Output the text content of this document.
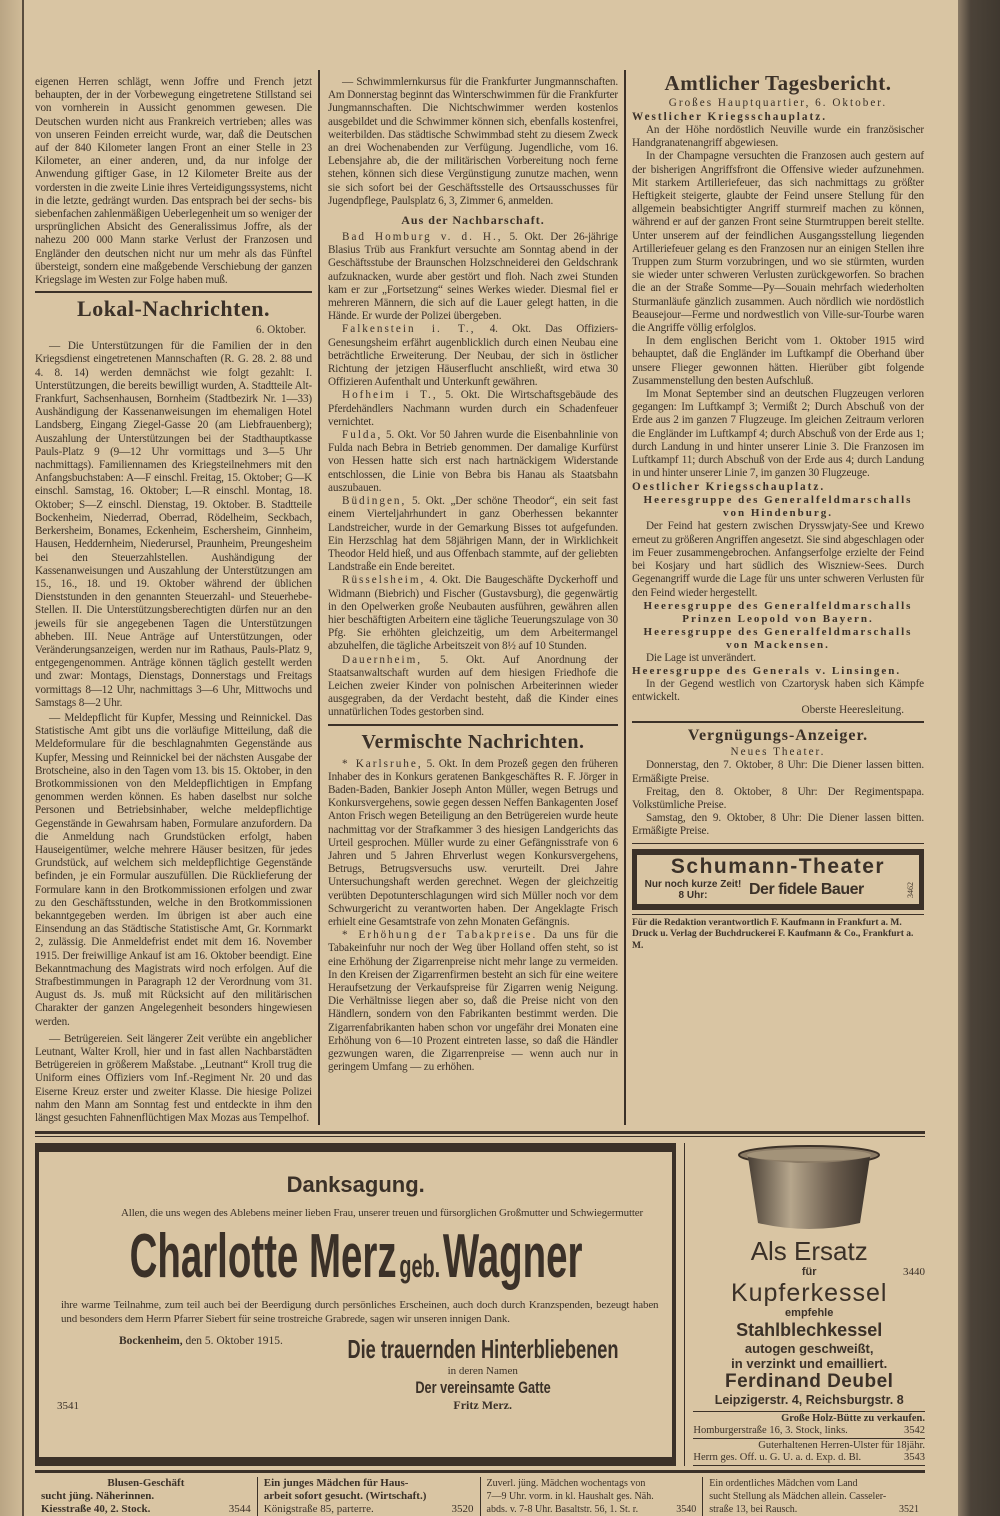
eigenen Herren schlägt, wenn Joffre und French jetzt behaupten, der in der Vorbewegung eingetretene Stillstand sei von vornherein in Aussicht genommen gewesen. Die Deutschen wurden nicht aus Frankreich vertrieben; alles was von unseren Feinden erreicht wurde, war, daß die Deutschen auf der 840 Kilometer langen Front an einer Stelle in 23 Kilometer, an einer anderen, und, da nur infolge der Anwendung giftiger Gase, in 12 Kilometer Breite aus der vordersten in die zweite Linie ihres Verteidigungssystems, nicht in die letzte, gedrängt wurden. Das entsprach bei der sechs- bis siebenfachen zahlenmäßigen Ueberlegenheit um so weniger der ursprünglichen Absicht des Generalissimus Joffre, als der nahezu 200 000 Mann starke Verlust der Franzosen und Engländer den deutschen nicht nur um mehr als das Fünftel übersteigt, sondern eine maßgebende Verschiebung der ganzen Kriegslage im Westen zur Folge haben muß.

Lokal-Nachrichten.
6. Oktober.

— Die Unterstützungen für die Familien der in den Kriegsdienst eingetretenen Mannschaften (R. G. 28. 2. 88 und 4. 8. 14) werden demnächst wie folgt gezahlt: I. Unterstützungen, die bereits bewilligt wurden, A. Stadtteile Alt-Frankfurt, Sachsenhausen, Bornheim (Stadtbezirk Nr. 1—33) Aushändigung der Kassenanweisungen im ehemaligen Hotel Landsberg, Eingang Ziegel-Gasse 20 (am Liebfrauenberg); Auszahlung der Unterstützungen bei der Stadthauptkasse Pauls-Platz 9 (9—12 Uhr vormittags und 3—5 Uhr nachmittags). Familiennamen des Kriegsteilnehmers mit den Anfangsbuchstaben: A—F einschl. Freitag, 15. Oktober; G—K einschl. Samstag, 16. Oktober; L—R einschl. Montag, 18. Oktober; S—Z einschl. Dienstag, 19. Oktober. B. Stadtteile Bockenheim, Niederrad, Oberrad, Rödelheim, Seckbach, Berkersheim, Bonames, Eckenheim, Eschersheim, Ginnheim, Hausen, Heddernheim, Niederursel, Praunheim, Preungesheim bei den Steuerzahlstellen. Aushändigung der Kassenanweisungen und Auszahlung der Unterstützungen am 15., 16., 18. und 19. Oktober während der üblichen Dienststunden in den genannten Steuerzahl- und Steuerhebe-Stellen. II. Die Unterstützungsberechtigten dürfen nur an den jeweils für sie angegebenen Tagen die Unterstützungen abheben. III. Neue Anträge auf Unterstützungen, oder Veränderungsanzeigen, werden nur im Rathaus, Pauls-Platz 9, entgegengenommen. Anträge können täglich gestellt werden und zwar: Montags, Dienstags, Donnerstags und Freitags vormittags 8—12 Uhr, nachmittags 3—6 Uhr, Mittwochs und Samstags 8—2 Uhr.

— Meldepflicht für Kupfer, Messing und Reinnickel. Das Statistische Amt gibt uns die vorläufige Mitteilung, daß die Meldeformulare für die beschlagnahmten Gegenstände aus Kupfer, Messing und Reinnickel bei der nächsten Ausgabe der Brotscheine, also in den Tagen vom 13. bis 15. Oktober, in den Brotkommissionen von den Meldepflichtigen in Empfang genommen werden können. Es haben daselbst nur solche Personen und Betriebsinhaber, welche meldepflichtige Gegenstände in Gewahrsam haben, Formulare anzufordern. Da die Anmeldung nach Grundstücken erfolgt, haben Hauseigentümer, welche mehrere Häuser besitzen, für jedes Grundstück, auf welchem sich meldepflichtige Gegenstände befinden, je ein Formular auszufüllen. Die Rücklieferung der Formulare kann in den Brotkommissionen erfolgen und zwar zu den Geschäftsstunden, welche in den Brotkommissionen bekanntgegeben werden. Im übrigen ist aber auch eine Einsendung an das Städtische Statistische Amt, Gr. Kornmarkt 2, zulässig. Die Anmeldefrist endet mit dem 16. November 1915. Der freiwillige Ankauf ist am 16. Oktober beendigt. Eine Bekanntmachung des Magistrats wird noch erfolgen. Auf die Strafbestimmungen in Paragraph 12 der Verordnung vom 31. August ds. Js. muß mit Rücksicht auf den militärischen Charakter der ganzen Angelegenheit besonders hingewiesen werden.

— Betrügereien. Seit längerer Zeit verübte ein angeblicher Leutnant, Walter Kroll, hier und in fast allen Nachbarstädten Betrügereien in größerem Maßstabe. „Leutnant“ Kroll trug die Uniform eines Offiziers vom Inf.-Regiment Nr. 20 und das Eiserne Kreuz erster und zweiter Klasse. Die hiesige Polizei nahm den Mann am Sonntag fest und entdeckte in ihm den längst gesuchten Fahnenflüchtigen Max Mozas aus Tempelhof.

— Schwimmlernkursus für die Frankfurter Jungmannschaften. Am Donnerstag beginnt das Winterschwimmen für die Frankfurter Jungmannschaften. Die Nichtschwimmer werden kostenlos ausgebildet und die Schwimmer können sich, ebenfalls kostenfrei, weiterbilden. Das städtische Schwimmbad steht zu diesem Zweck an drei Wochenabenden zur Verfügung. Jugendliche, vom 16. Lebensjahre ab, die der militärischen Vorbereitung noch ferne stehen, können sich diese Vergünstigung zunutze machen, wenn sie sich sofort bei der Geschäftsstelle des Ortsausschusses für Jugendpflege, Paulsplatz 6, 3, Zimmer 6, anmelden.

Aus der Nachbarschaft.

Bad Homburg v. d. H., 5. Okt. Der 26-jährige Blasius Trüb aus Frankfurt versuchte am Sonntag abend in der Geschäftsstube der Braunschen Holzschneiderei den Geldschrank aufzuknacken, wurde aber gestört und floh. Nach zwei Stunden kam er zur „Fortsetzung“ seines Werkes wieder. Diesmal fiel er mehreren Männern, die sich auf die Lauer gelegt hatten, in die Hände. Er wurde der Polizei übergeben.

Falkenstein i. T., 4. Okt. Das Offiziers-Genesungsheim erfährt augenblicklich durch einen Neubau eine beträchtliche Erweiterung. Der Neubau, der sich in östlicher Richtung der jetzigen Häuserflucht anschließt, wird etwa 30 Offizieren Aufenthalt und Unterkunft gewähren.

Hofheim i T., 5. Okt. Die Wirtschaftsgebäude des Pferdehändlers Nachmann wurden durch ein Schadenfeuer vernichtet.

Fulda, 5. Okt. Vor 50 Jahren wurde die Eisenbahnlinie von Fulda nach Bebra in Betrieb genommen. Der damalige Kurfürst von Hessen hatte sich erst nach hartnäckigem Widerstande entschlossen, die Linie von Bebra bis Hanau als Staatsbahn auszubauen.

Büdingen, 5. Okt. „Der schöne Theodor“, ein seit fast einem Vierteljahrhundert in ganz Oberhessen bekannter Landstreicher, wurde in der Gemarkung Bisses tot aufgefunden. Ein Herzschlag hat dem 58jährigen Mann, der in Wirklichkeit Theodor Held hieß, und aus Offenbach stammte, auf der geliebten Landstraße ein Ende bereitet.

Rüsselsheim, 4. Okt. Die Baugeschäfte Dyckerhoff und Widmann (Biebrich) und Fischer (Gustavsburg), die gegenwärtig in den Opelwerken große Neubauten ausführen, gewähren allen hier beschäftigten Arbeitern eine tägliche Teuerungszulage von 30 Pfg. Sie erhöhten gleichzeitig, um dem Arbeitermangel abzuhelfen, die tägliche Arbeitszeit von 8½ auf 10 Stunden.

Dauernheim, 5. Okt. Auf Anordnung der Staatsanwaltschaft wurden auf dem hiesigen Friedhofe die Leichen zweier Kinder von polnischen Arbeiterinnen wieder ausgegraben, da der Verdacht besteht, daß die Kinder eines unnatürlichen Todes gestorben sind.

Vermischte Nachrichten.

* Karlsruhe, 5. Okt. In dem Prozeß gegen den früheren Inhaber des in Konkurs geratenen Bankgeschäftes R. F. Jörger in Baden-Baden, Bankier Joseph Anton Müller, wegen Betrugs und Konkursvergehens, sowie gegen dessen Neffen Bankagenten Josef Anton Frisch wegen Beteiligung an den Betrügereien wurde heute nachmittag vor der Strafkammer 3 des hiesigen Landgerichts das Urteil gesprochen. Müller wurde zu einer Gefängnisstrafe von 6 Jahren und 5 Jahren Ehrverlust wegen Konkursvergehens, Betrugs, Betrugsversuchs usw. verurteilt. Drei Jahre Untersuchungshaft werden gerechnet. Wegen der gleichzeitig verübten Depotunterschlagungen wird sich Müller noch vor dem Schwurgericht zu verantworten haben. Der Angeklagte Frisch erhielt eine Gesamtstrafe von zehn Monaten Gefängnis.

* Erhöhung der Tabakpreise. Da uns für die Tabakeinfuhr nur noch der Weg über Holland offen steht, so ist eine Erhöhung der Zigarrenpreise nicht mehr lange zu vermeiden. In den Kreisen der Zigarrenfirmen besteht an sich für eine weitere Heraufsetzung der Verkaufspreise für Zigarren wenig Neigung. Die Verhältnisse liegen aber so, daß die Preise nicht von den Händlern, sondern von den Fabrikanten bestimmt werden. Die Zigarrenfabrikanten haben schon vor ungefähr drei Monaten eine Erhöhung von 6—10 Prozent eintreten lasse, so daß die Händler gezwungen waren, die Zigarrenpreise — wenn auch nur in geringem Umfang — zu erhöhen.

Amtlicher Tagesbericht.
Großes Hauptquartier, 6. Oktober.
Westlicher Kriegsschauplatz.

An der Höhe nordöstlich Neuville wurde ein französischer Handgranatenangriff abgewiesen.

In der Champagne versuchten die Franzosen auch gestern auf der bisherigen Angriffsfront die Offensive wieder aufzunehmen. Mit starkem Artilleriefeuer, das sich nachmittags zu größter Heftigkeit steigerte, glaubte der Feind unsere Stellung für den allgemein beabsichtigter Angriff sturmreif machen zu können, während er auf der ganzen Front seine Sturmtruppen bereit stellte. Unter unserem auf der feindlichen Ausgangsstellung liegenden Artilleriefeuer gelang es den Franzosen nur an einigen Stellen ihre Truppen zum Sturm vorzubringen, und wo sie stürmten, wurden sie wieder unter schweren Verlusten zurückgeworfen. So brachen die an der Straße Somme—Py—Souain mehrfach wiederholten Sturmanläufe gänzlich zusammen. Auch nördlich wie nordöstlich Beausejour—Ferme und nordwestlich von Ville-sur-Tourbe waren die Angriffe völlig erfolglos.

In dem englischen Bericht vom 1. Oktober 1915 wird behauptet, daß die Engländer im Luftkampf die Oberhand über unsere Flieger gewonnen hätten. Hierüber gibt folgende Zusammenstellung den besten Aufschluß.

Im Monat September sind an deutschen Flugzeugen verloren gegangen: Im Luftkampf 3; Vermißt 2; Durch Abschuß von der Erde aus 2 im ganzen 7 Flugzeuge. Im gleichen Zeitraum verloren die Engländer im Luftkampf 4; durch Abschuß von der Erde aus 1; durch Landung in und hinter unserer Linie 3. Die Franzosen im Luftkampf 11; durch Abschuß von der Erde aus 4; durch Landung in und hinter unserer Linie 7, im ganzen 30 Flugzeuge.

Oestlicher Kriegsschauplatz.
Heeresgruppe des Generalfeldmarschalls von Hindenburg.

Der Feind hat gestern zwischen Drysswjaty-See und Krewo erneut zu größeren Angriffen angesetzt. Sie sind abgeschlagen oder im Feuer zusammengebrochen. Anfangserfolge erzielte der Feind bei Kosjary und hart südlich des Wiszniew-Sees. Durch Gegenangriff wurde die Lage für uns unter schweren Verlusten für den Feind wieder hergestellt.

Heeresgruppe des Generalfeldmarschalls Prinzen Leopold von Bayern.
Heeresgruppe des Generalfeldmarschalls von Mackensen.

Die Lage ist unverändert.

Heeresgruppe des Generals v. Linsingen.

In der Gegend westlich von Czartorysk haben sich Kämpfe entwickelt.

Oberste Heeresleitung.
Vergnügungs-Anzeiger.
Neues Theater.

Donnerstag, den 7. Oktober, 8 Uhr: Die Diener lassen bitten. Ermäßigte Preise.

Freitag, den 8. Oktober, 8 Uhr: Der Regimentspapa. Volkstümliche Preise.

Samstag, den 9. Oktober, 8 Uhr: Die Diener lassen bitten. Ermäßigte Preise.

Schumann-Theater
Nur noch kurze Zeit!
8 Uhr:	Der fidele Bauer	3462
Für die Redaktion verantwortlich F. Kaufmann in Frankfurt a. M.
Druck u. Verlag der Buchdruckerei F. Kaufmann & Co., Frankfurt a. M.
Danksagung.

Allen, die uns wegen des Ablebens meiner lieben Frau, unserer treuen und fürsorglichen Großmutter und Schwiegermutter

Charlotte Merz geb. Wagner

ihre warme Teilnahme, zum teil auch bei der Beerdigung durch persönliches Erscheinen, auch doch durch Kranzspenden, bezeugt haben und besonders dem Herrn Pfarrer Siebert für seine trostreiche Grabrede, sagen wir unseren innigen Dank.

Bockenheim, den 5. Oktober 1915.
3541
Die trauernden Hinterbliebenen
in deren Namen
Der vereinsamte Gatte
Fritz Merz.
Als Ersatz
für	3440
Kupferkessel
empfehle
Stahlblechkessel
autogen geschweißt,
in verzinkt und emailliert.
Ferdinand Deubel
Leipzigerstr. 4, Reichsburgstr. 8
Große Holz-Bütte zu verkaufen.
Homburgerstraße 16, 3. Stock, links.	3542
Guterhaltenen Herren-Ulster für 18jähr.
Herrn ges. Off. u. G. U. a. d. Exp. d. Bl.	3543
Blusen-Geschäft
sucht jüng. Näherinnen.
Kiesstraße 40, 2. Stock.	3544
Ein junges Mädchen für Haus-
arbeit sofort gesucht. (Wirtschaft.)
Königstraße 85, parterre.	3520
Zuverl. jüng. Mädchen wochentags von
7—9 Uhr. vorm. in kl. Haushalt ges. Näh.
abds. v. 7-8 Uhr. Basaltstr. 56, 1. St. r.	3540
Ein ordentliches Mädchen vom Land
sucht Stellung als Mädchen allein. Casseler-
straße 13, bei Rausch.	3521
